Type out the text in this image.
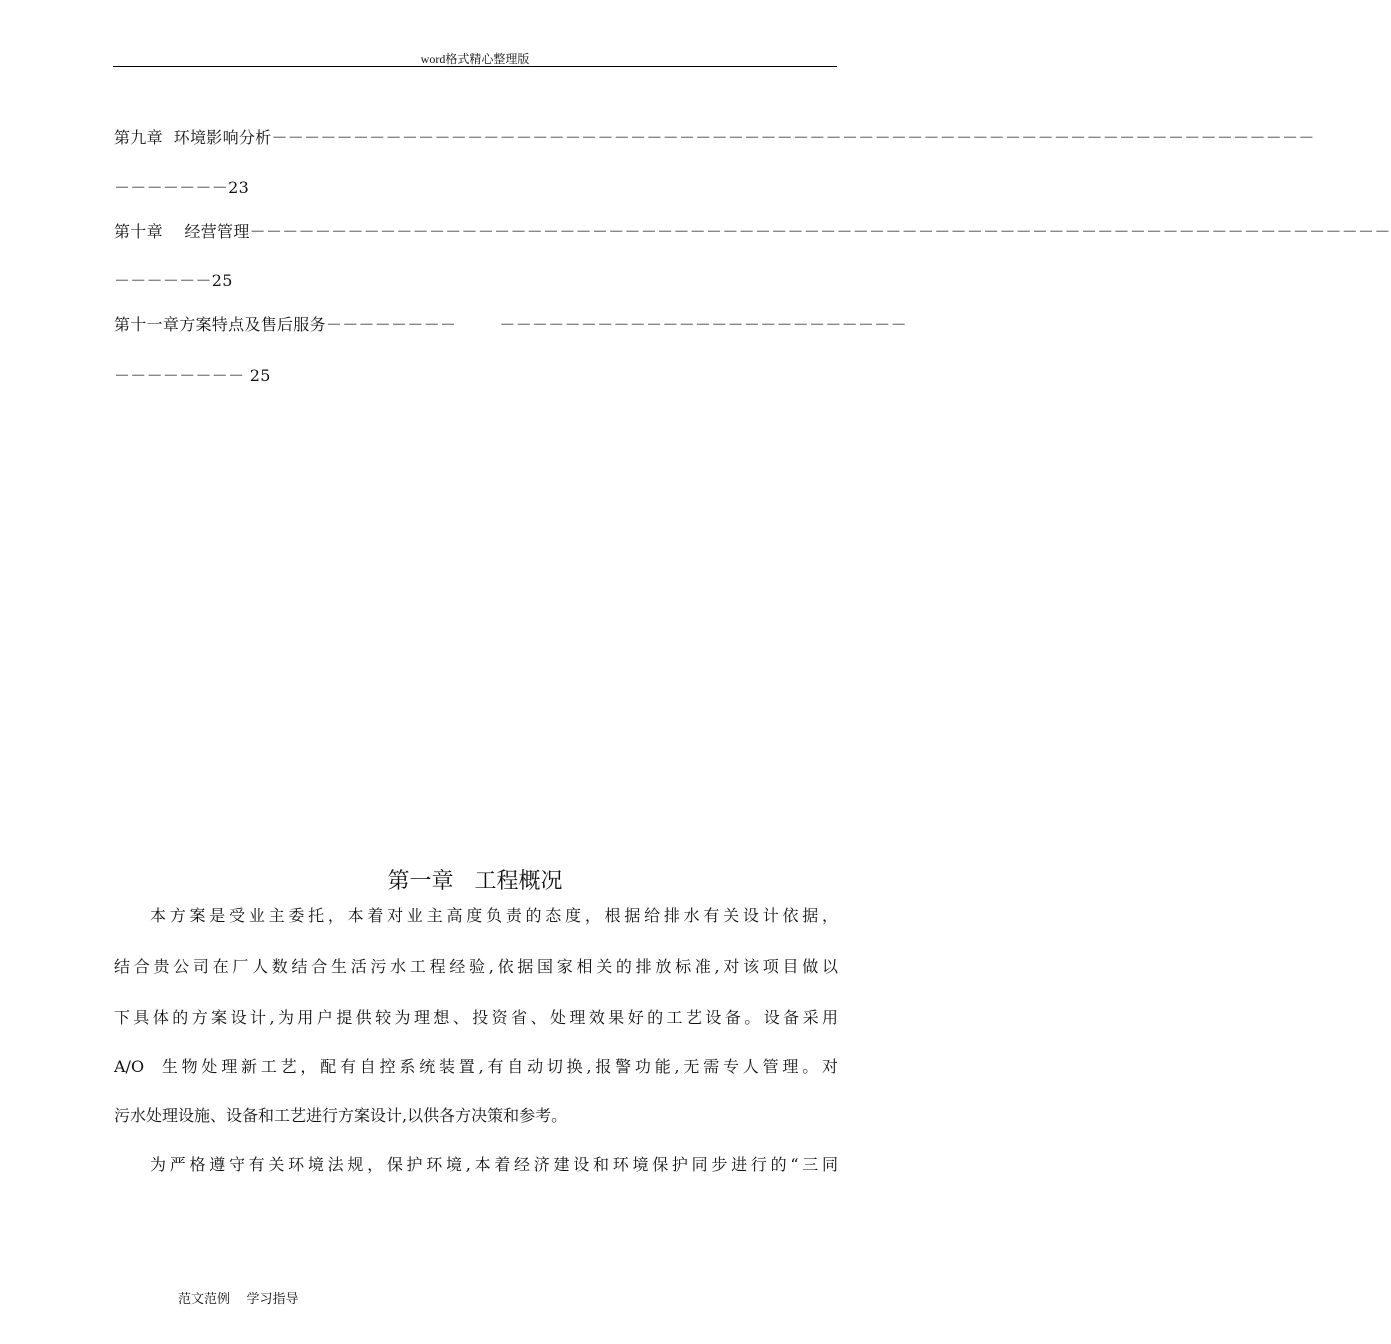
word格式精心整理版
第九章  环境影响分析－－－－－－－－－－－－－－－－－－－－－－－－－－－－－－－－－－－－－－－－－－－－－－－－－－－－－－－－－－－－－－－－
－－－－－－－23
第十章    经营管理－－－－－－－－－－－－－－－－－－－－－－－－－－－－－－－－－－－－－－－－－－－－－－－－－－－－－－－－－－－－－－－－－－－－－－
－－－－－－25
第十一章方案特点及售后服务－－－－－－－－        －－－－－－－－－－－－－－－－－－－－－－－－－
－－－－－－－－ 25
第一章   工程概况
本方案是受业主委托，本着对业主高度负责的态度，根据给排水有关设计依据，
结合贵公司在厂人数结合生活污水工程经验,依据国家相关的排放标准,对该项目做以
下具体的方案设计,为用户提供较为理想、投资省、处理效果好的工艺设备。设备采用
A/O  生物处理新工艺，配有自控系统装置,有自动切换,报警功能,无需专人管理。对
污水处理设施、设备和工艺进行方案设计,以供各方决策和参考。
为严格遵守有关环境法规，保护环境,本着经济建设和环境保护同步进行的“三同
范文范例    学习指导
